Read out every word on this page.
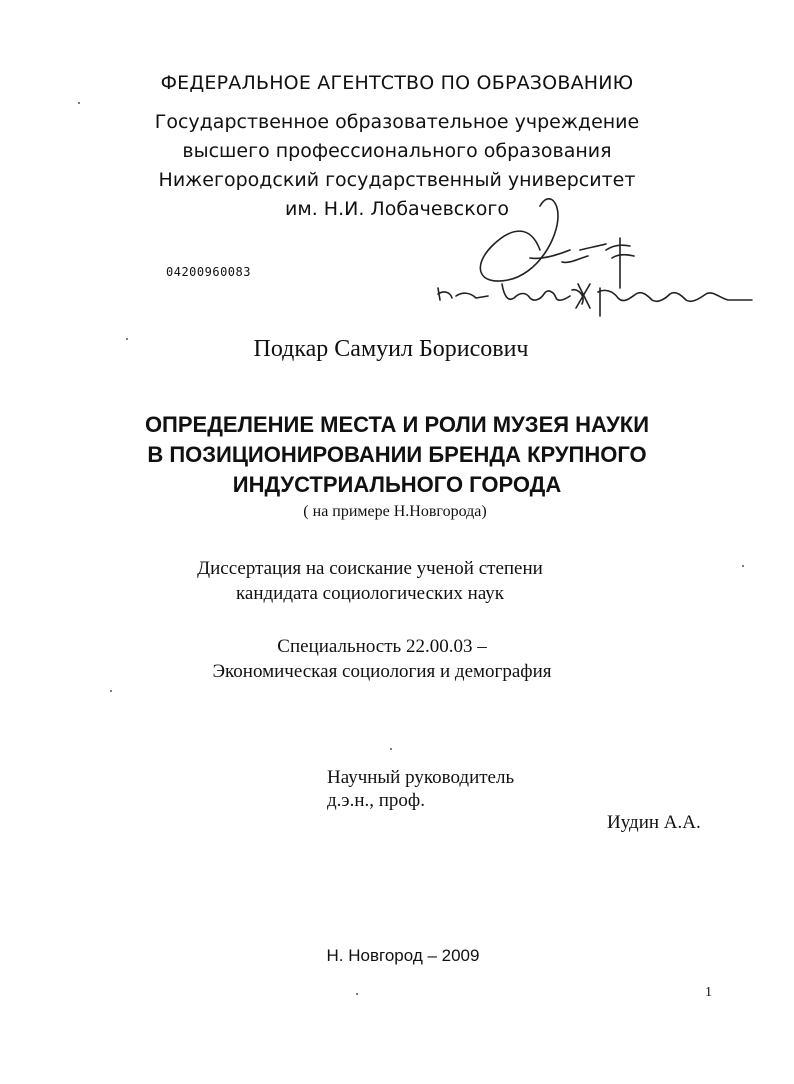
ФЕДЕРАЛЬНОЕ АГЕНТСТВО ПО ОБРАЗОВАНИЮ
Государственное образовательное учреждение
высшего профессионального образования
Нижегородский государственный университет
им. Н.И. Лобачевского
04200960083
Подкар Самуил Борисович
ОПРЕДЕЛЕНИЕ МЕСТА И РОЛИ МУЗЕЯ НАУКИ
В ПОЗИЦИОНИРОВАНИИ БРЕНДА КРУПНОГО
ИНДУСТРИАЛЬНОГО ГОРОДА
( на примере Н.Новгорода)
Диссертация на соискание ученой степени
кандидата социологических наук
Специальность 22.00.03 –
Экономическая социология и демография
Научный руководитель
д.э.н., проф.
Иудин А.А.
Н. Новгород – 2009
1
